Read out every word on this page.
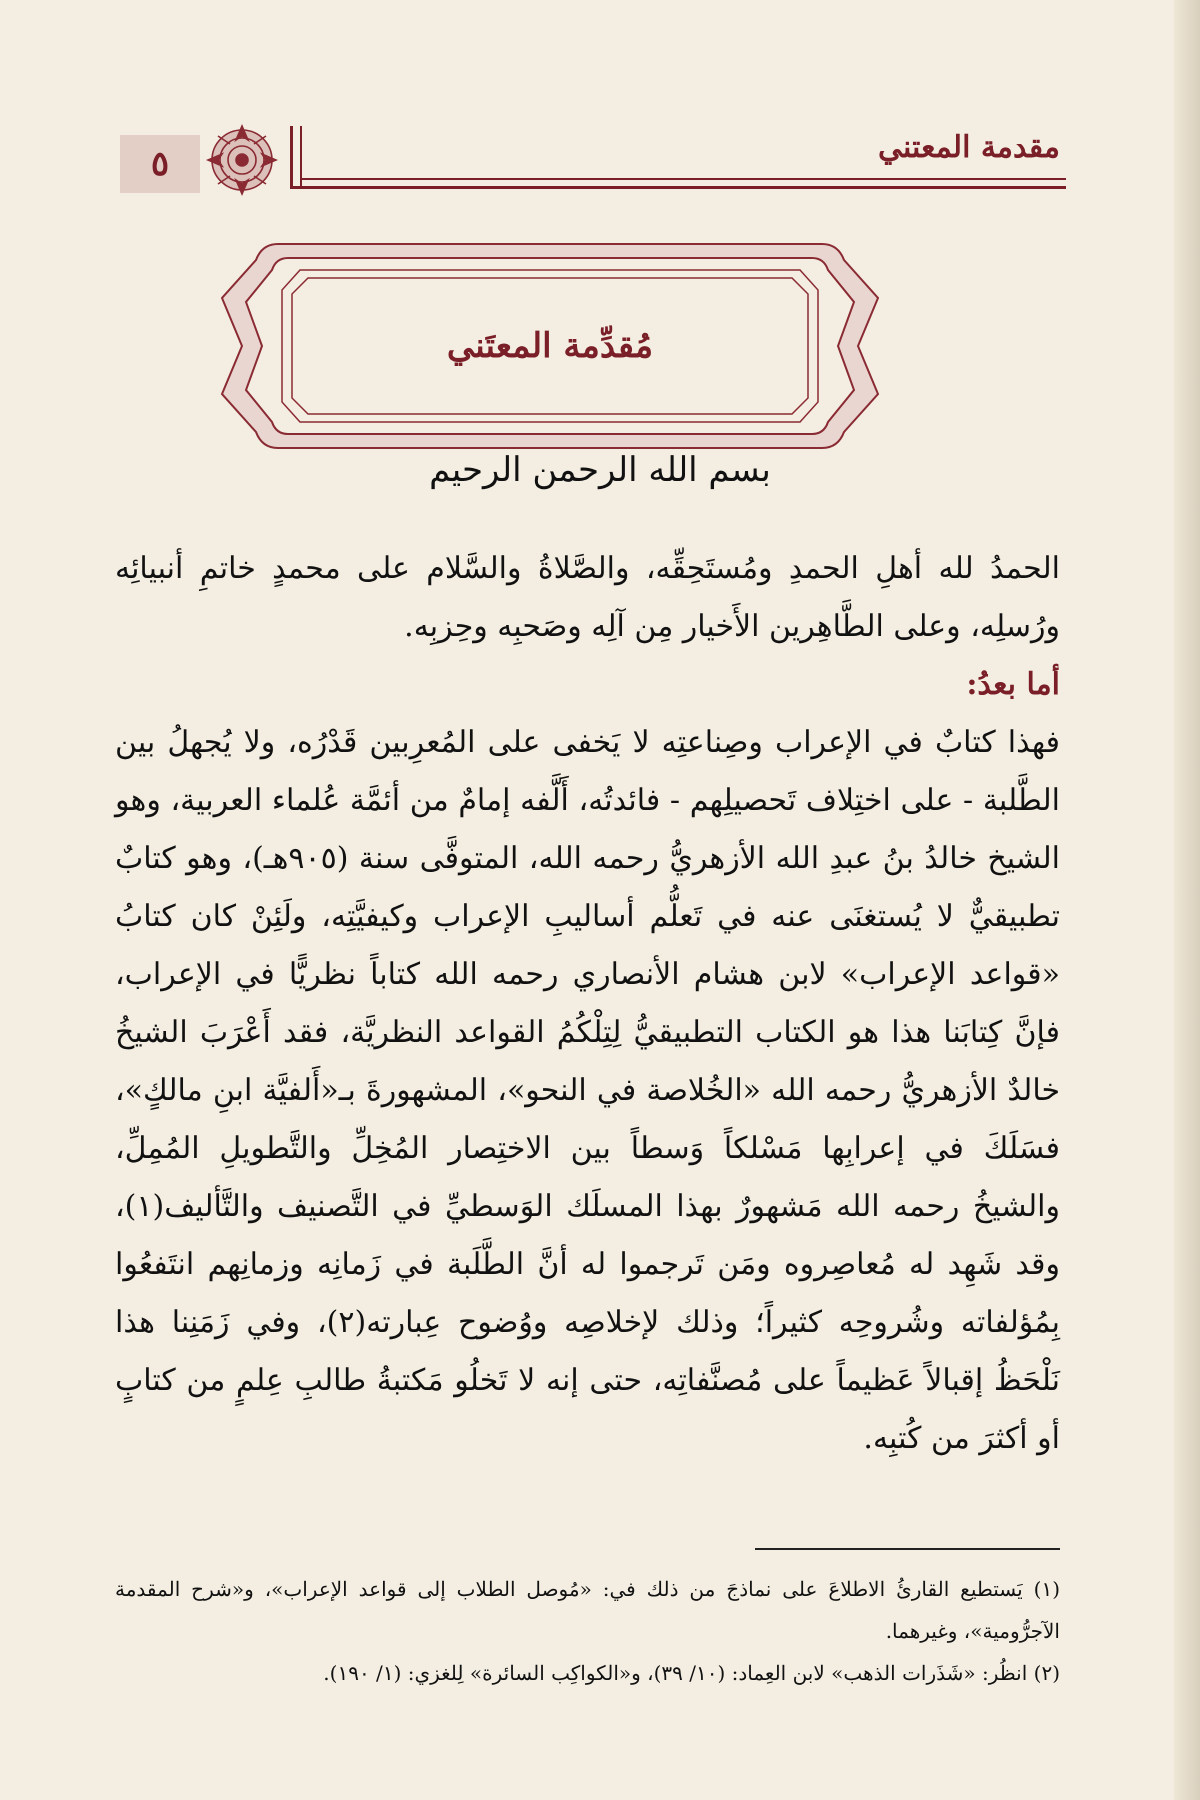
٥	مقدمة المعتني
مُقدِّمة المعتَني
بسم الله الرحمن الرحيم

الحمدُ لله أهلِ الحمدِ ومُستَحِقِّه، والصَّلاةُ والسَّلام على محمدٍ خاتمِ أنبيائِه ورُسلِه، وعلى الطَّاهِرين الأَخيار مِن آلِه وصَحبِه وحِزبِه.

أما بعدُ:

فهذا كتابٌ في الإعراب وصِناعتِه لا يَخفى على المُعرِبين قَدْرُه، ولا يُجهلُ بين الطَّلبة - على اختِلاف تَحصيلِهم - فائدتُه، أَلَّفه إمامٌ من أئمَّة عُلماء العربية، وهو الشيخ خالدُ بنُ عبدِ الله الأزهريُّ رحمه الله، المتوفَّى سنة (٩٠٥هـ)، وهو كتابٌ تطبيقيٌّ لا يُستغنَى عنه في تَعلُّم أساليبِ الإعراب وكيفيَّتِه، ولَئِنْ كان كتابُ «قواعد الإعراب» لابن هشام الأنصاري رحمه الله كتاباً نظريًّا في الإعراب، فإنَّ كِتابَنا هذا هو الكتاب التطبيقيُّ لِتِلْكُمُ القواعد النظريَّة، فقد أَعْرَبَ الشيخُ خالدٌ الأزهريُّ رحمه الله «الخُلاصة في النحو»، المشهورةَ بـ«أَلفيَّة ابنِ مالكٍ»، فسَلَكَ في إعرابِها مَسْلكاً وَسطاً بين الاختِصار المُخِلِّ والتَّطويلِ المُمِلِّ، والشيخُ رحمه الله مَشهورٌ بهذا المسلَك الوَسطيِّ في التَّصنيف والتَّأليف(١)، وقد شَهِد له مُعاصِروه ومَن تَرجموا له أنَّ الطَّلَبة في زَمانِه وزمانِهم انتَفعُوا بِمُؤلفاته وشُروحِه كثيراً؛ وذلك لإخلاصِه ووُضوح عِبارته(٢)، وفي زَمَنِنا هذا نَلْحَظُ إقبالاً عَظيماً على مُصنَّفاتِه، حتى إنه لا تَخلُو مَكتبةُ طالبِ عِلمٍ من كتابٍ أو أكثرَ من كُتبِه.

(١) يَستطيع القارئُ الاطلاعَ على نماذجَ من ذلك في: «مُوصل الطلاب إلى قواعد الإعراب»، و«شرح المقدمة الآجرُّومية»، وغيرهما.

(٢) انظُر: «شَذَرات الذهب» لابن العِماد: (١٠/ ٣٩)، و«الكواكِب السائرة» لِلغزي: (١/ ١٩٠).
